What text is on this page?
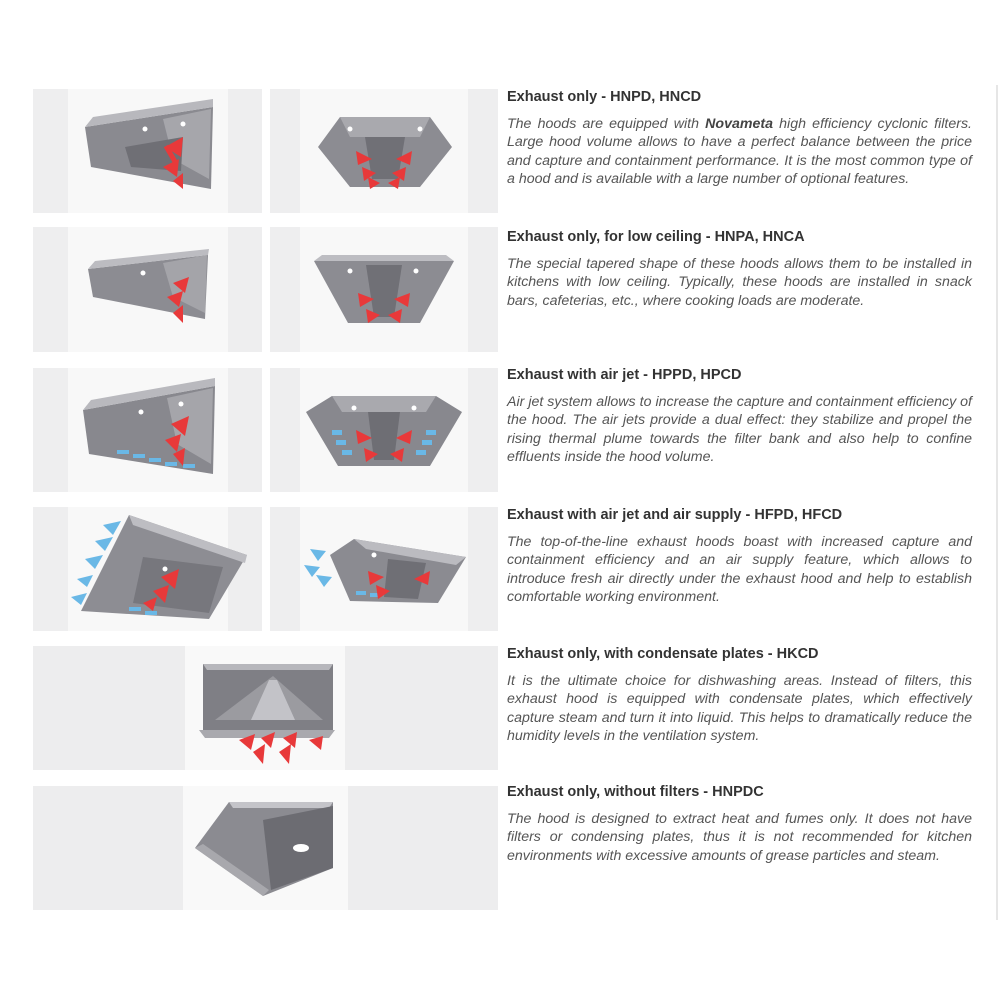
Exhaust only - HNPD, HNCD

The hoods are equipped with Novameta high efficiency cyclonic filters. Large hood volume allows to have a perfect balance between the price and capture and containment performance. It is the most common type of a hood and is available with a large number of optional features.

Exhaust only, for low ceiling - HNPA, HNCA

The special tapered shape of these hoods allows them to be installed in kitchens with low ceiling. Typically, these hoods are installed in snack bars, cafeterias, etc., where cooking loads are moderate.

Exhaust with air jet - HPPD, HPCD

Air jet system allows to increase the capture and containment efficiency of the hood. The air jets provide a dual effect: they stabilize and propel the rising thermal plume towards the filter bank and also help to confine effluents inside the hood volume.

Exhaust with air jet and air supply - HFPD, HFCD

The top-of-the-line exhaust hoods boast with increased capture and containment efficiency and an air supply feature, which allows to introduce fresh air directly under the exhaust hood and help to establish comfortable working environment.

Exhaust only, with condensate plates - HKCD

It is the ultimate choice for dishwashing areas. Instead of filters, this exhaust hood is equipped with condensate plates, which effectively capture steam and turn it into liquid. This helps to dramatically reduce the humidity levels in the ventilation system.

Exhaust only, without filters - HNPDC

The hood is designed to extract heat and fumes only. It does not have filters or condensing plates, thus it is not recommended for kitchen environments with excessive amounts of grease particles and steam.
